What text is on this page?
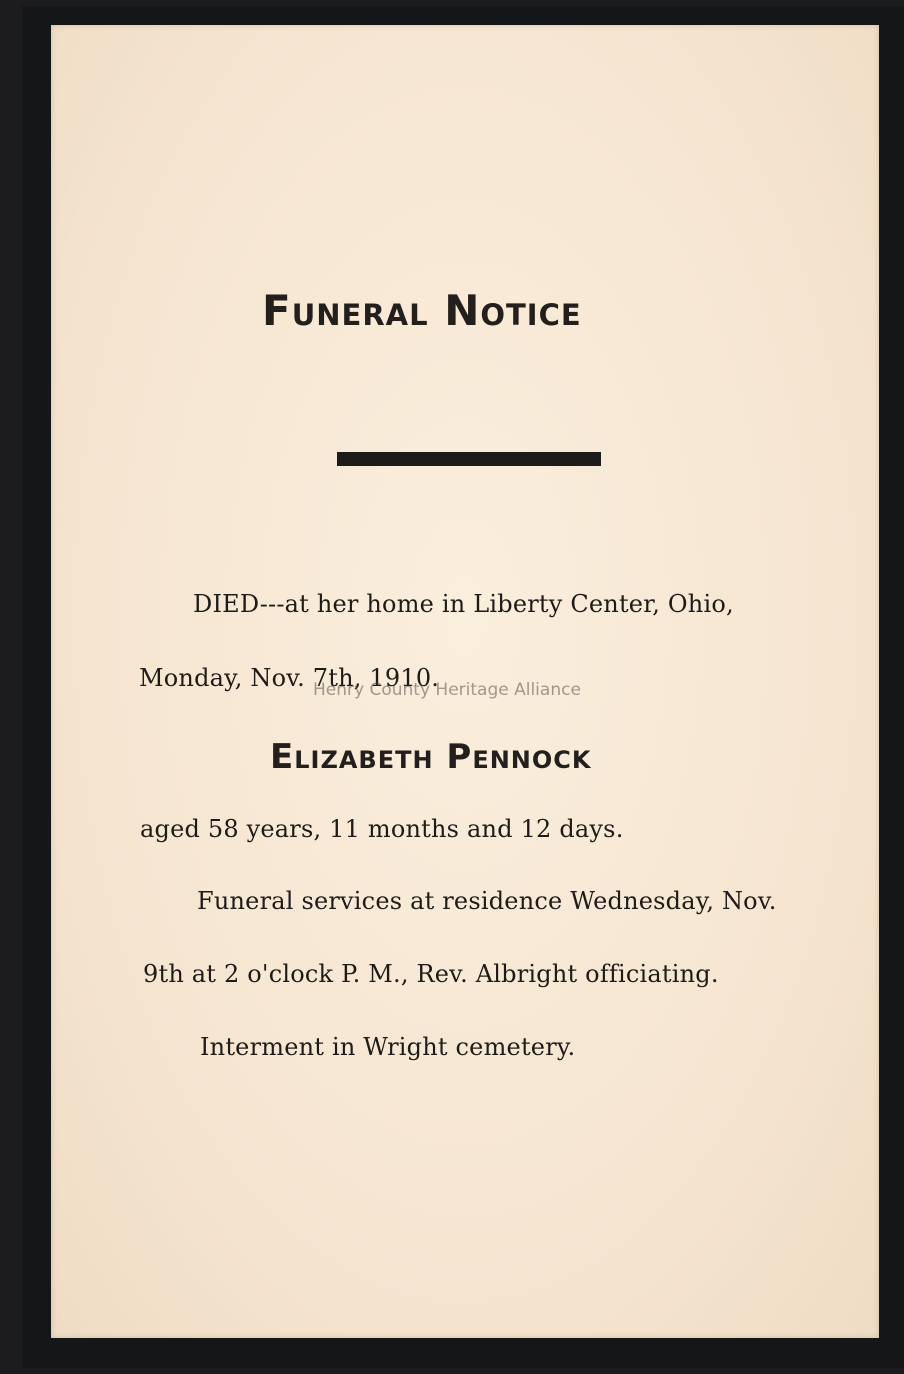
Funeral Notice
DIED---at her home in Liberty Center, Ohio,
Monday, Nov. 7th, 1910.
Henry County Heritage Alliance
Elizabeth Pennock
aged 58 years, 11 months and 12 days.
Funeral services at residence Wednesday, Nov.
9th at 2 o'clock P. M., Rev. Albright officiating.
Interment in Wright cemetery.
